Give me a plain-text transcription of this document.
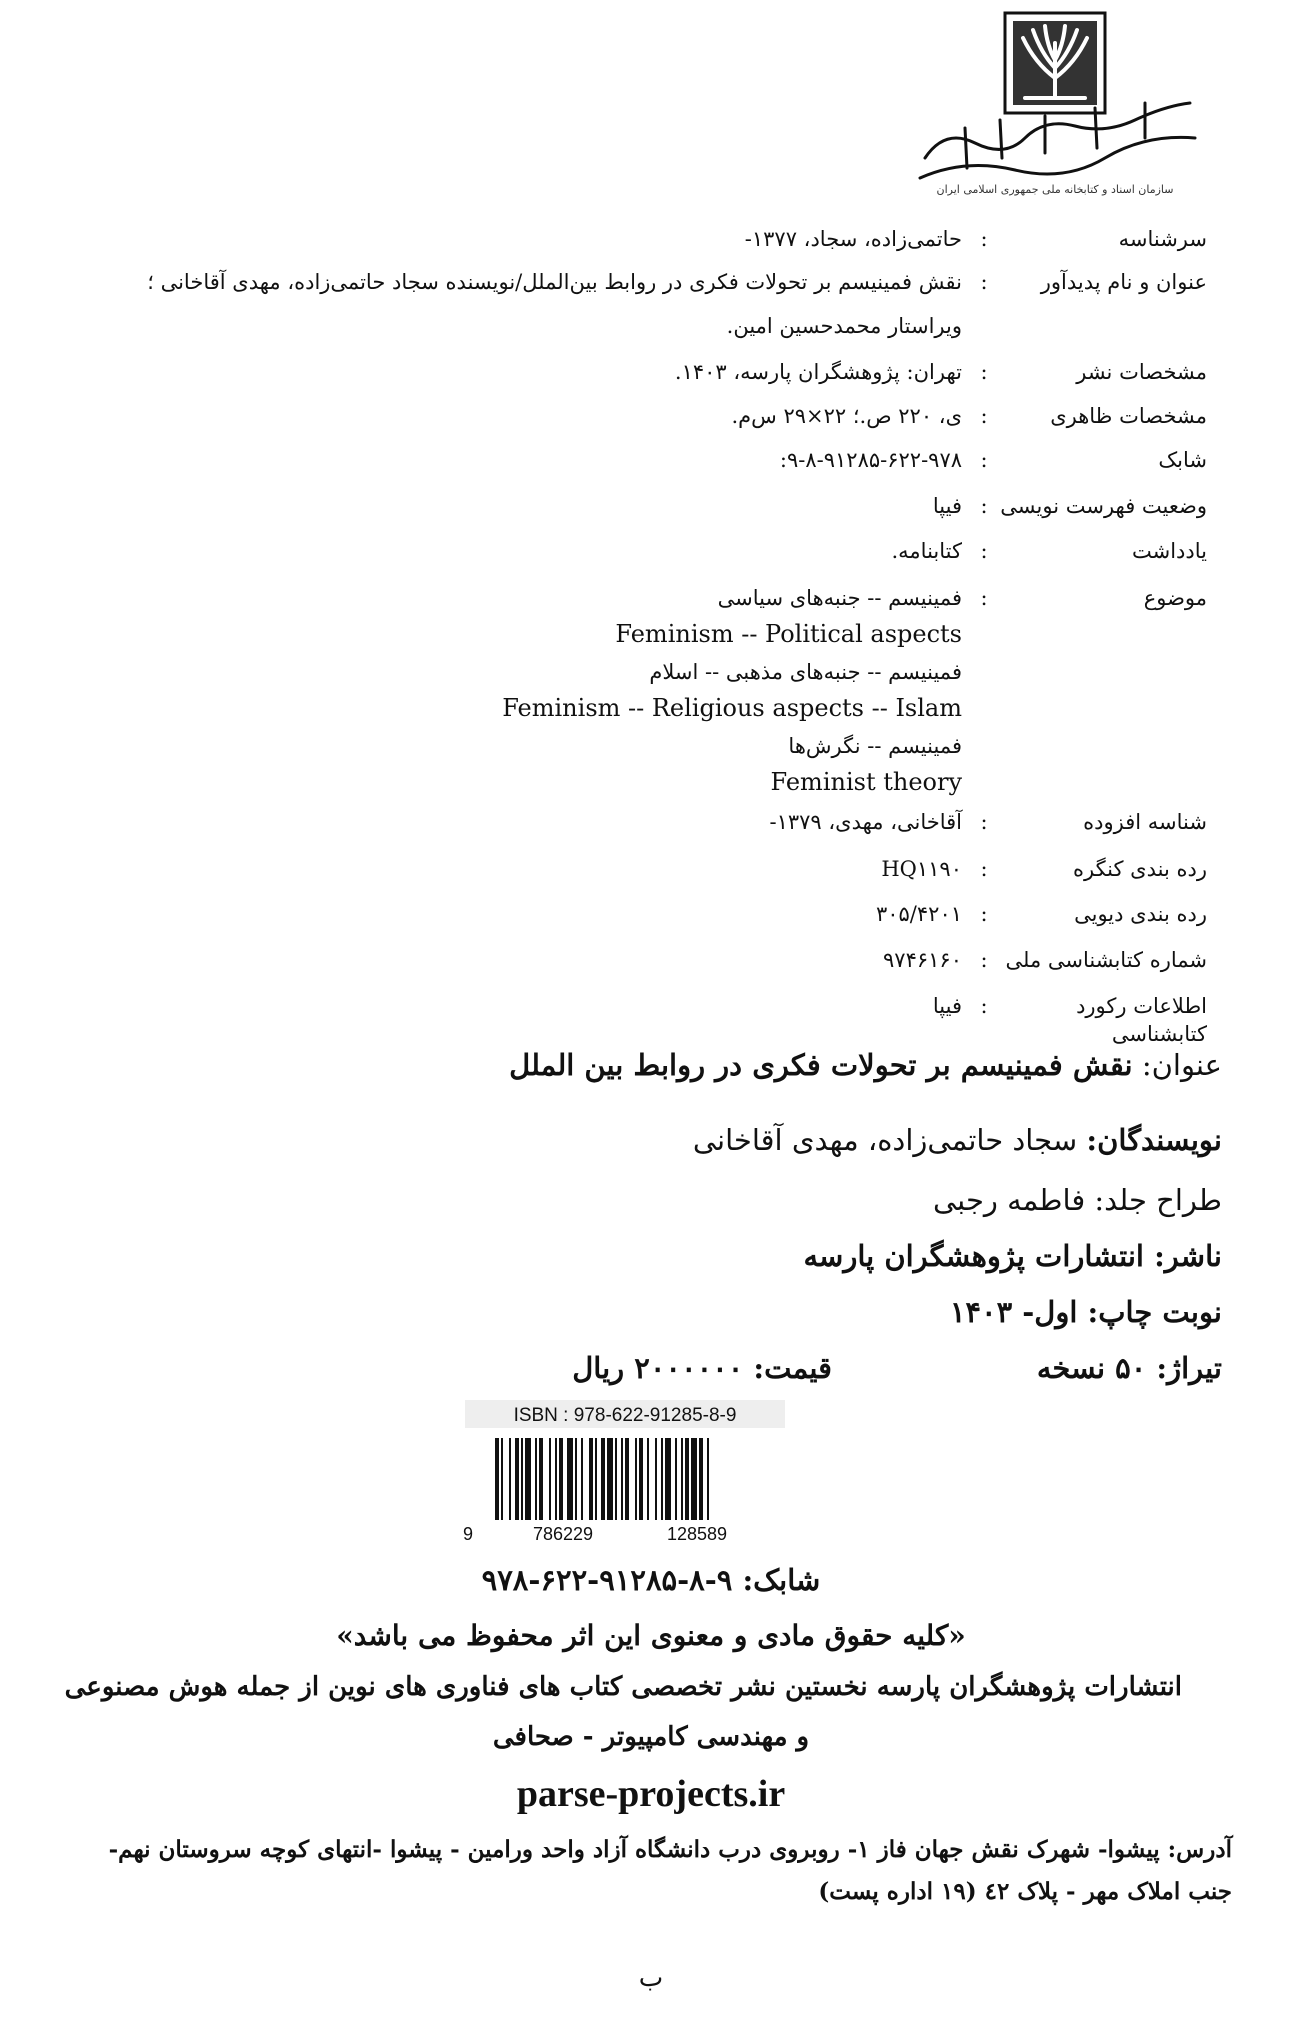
سازمان اسناد و کتابخانه ملی جمهوری اسلامی ایران
سرشناسه
:
حاتمی‌زاده، سجاد، ۱۳۷۷-
عنوان و نام پدیدآور
:
نقش فمینیسم بر تحولات فکری در روابط بین‌الملل/نویسنده سجاد حاتمی‌زاده، مهدی آقاخانی ؛
ویراستار محمدحسین امین.
مشخصات نشر
:
تهران: پژوهشگران پارسه، ۱۴۰۳.
مشخصات ظاهری
:
ی، ۲۲۰ ص.؛ ۲۲×۲۹ س‌م.
شابک
:
۹-۸-۹۱۲۸۵-۶۲۲-۹۷۸:
وضعیت فهرست نویسی
:
فیپا
یادداشت
:
کتابنامه.
موضوع
:
فمینیسم -- جنبه‌های سیاسی
Feminism -- Political aspects
فمینیسم -- جنبه‌های مذهبی -- اسلام
Feminism -- Religious aspects -- Islam
فمینیسم -- نگرش‌ها
Feminist theory
شناسه افزوده
:
آقاخانی، مهدی، ۱۳۷۹-
رده بندی کنگره
:
HQ۱۱۹۰
رده بندی دیویی
:
۳۰۵/۴۲۰۱
شماره کتابشناسی ملی
:
۹۷۴۶۱۶۰
اطلاعات رکورد کتابشناسی
:
فیپا
عنوان: نقش فمینیسم بر تحولات فکری در روابط بین الملل
نویسندگان: سجاد حاتمی‌زاده، مهدی آقاخانی
طراح جلد: فاطمه رجبی
ناشر: انتشارات پژوهشگران پارسه
نوبت چاپ: اول- ۱۴۰۳
تیراژ: ۵۰ نسخه
قیمت: ۲۰۰۰۰۰۰ ریال
ISBN : 978-622-91285-8-9
9	786229	128589
شابک: ۹-۸-۹۱۲۸۵-۶۲۲-۹۷۸
«کلیه حقوق مادی و معنوی این اثر محفوظ می باشد»
انتشارات پژوهشگران پارسه نخستین نشر تخصصی کتاب های فناوری های نوین از جمله هوش مصنوعی
و مهندسی کامپیوتر - صحافی
parse-projects.ir
آدرس: پیشوا- شهرک نقش جهان فاز ۱- روبروی درب دانشگاه آزاد واحد ورامین - پیشوا -انتهای کوچه سروستان نهم-
جنب املاک مهر - پلاک ٤٢ (١٩ اداره پست)
ب
